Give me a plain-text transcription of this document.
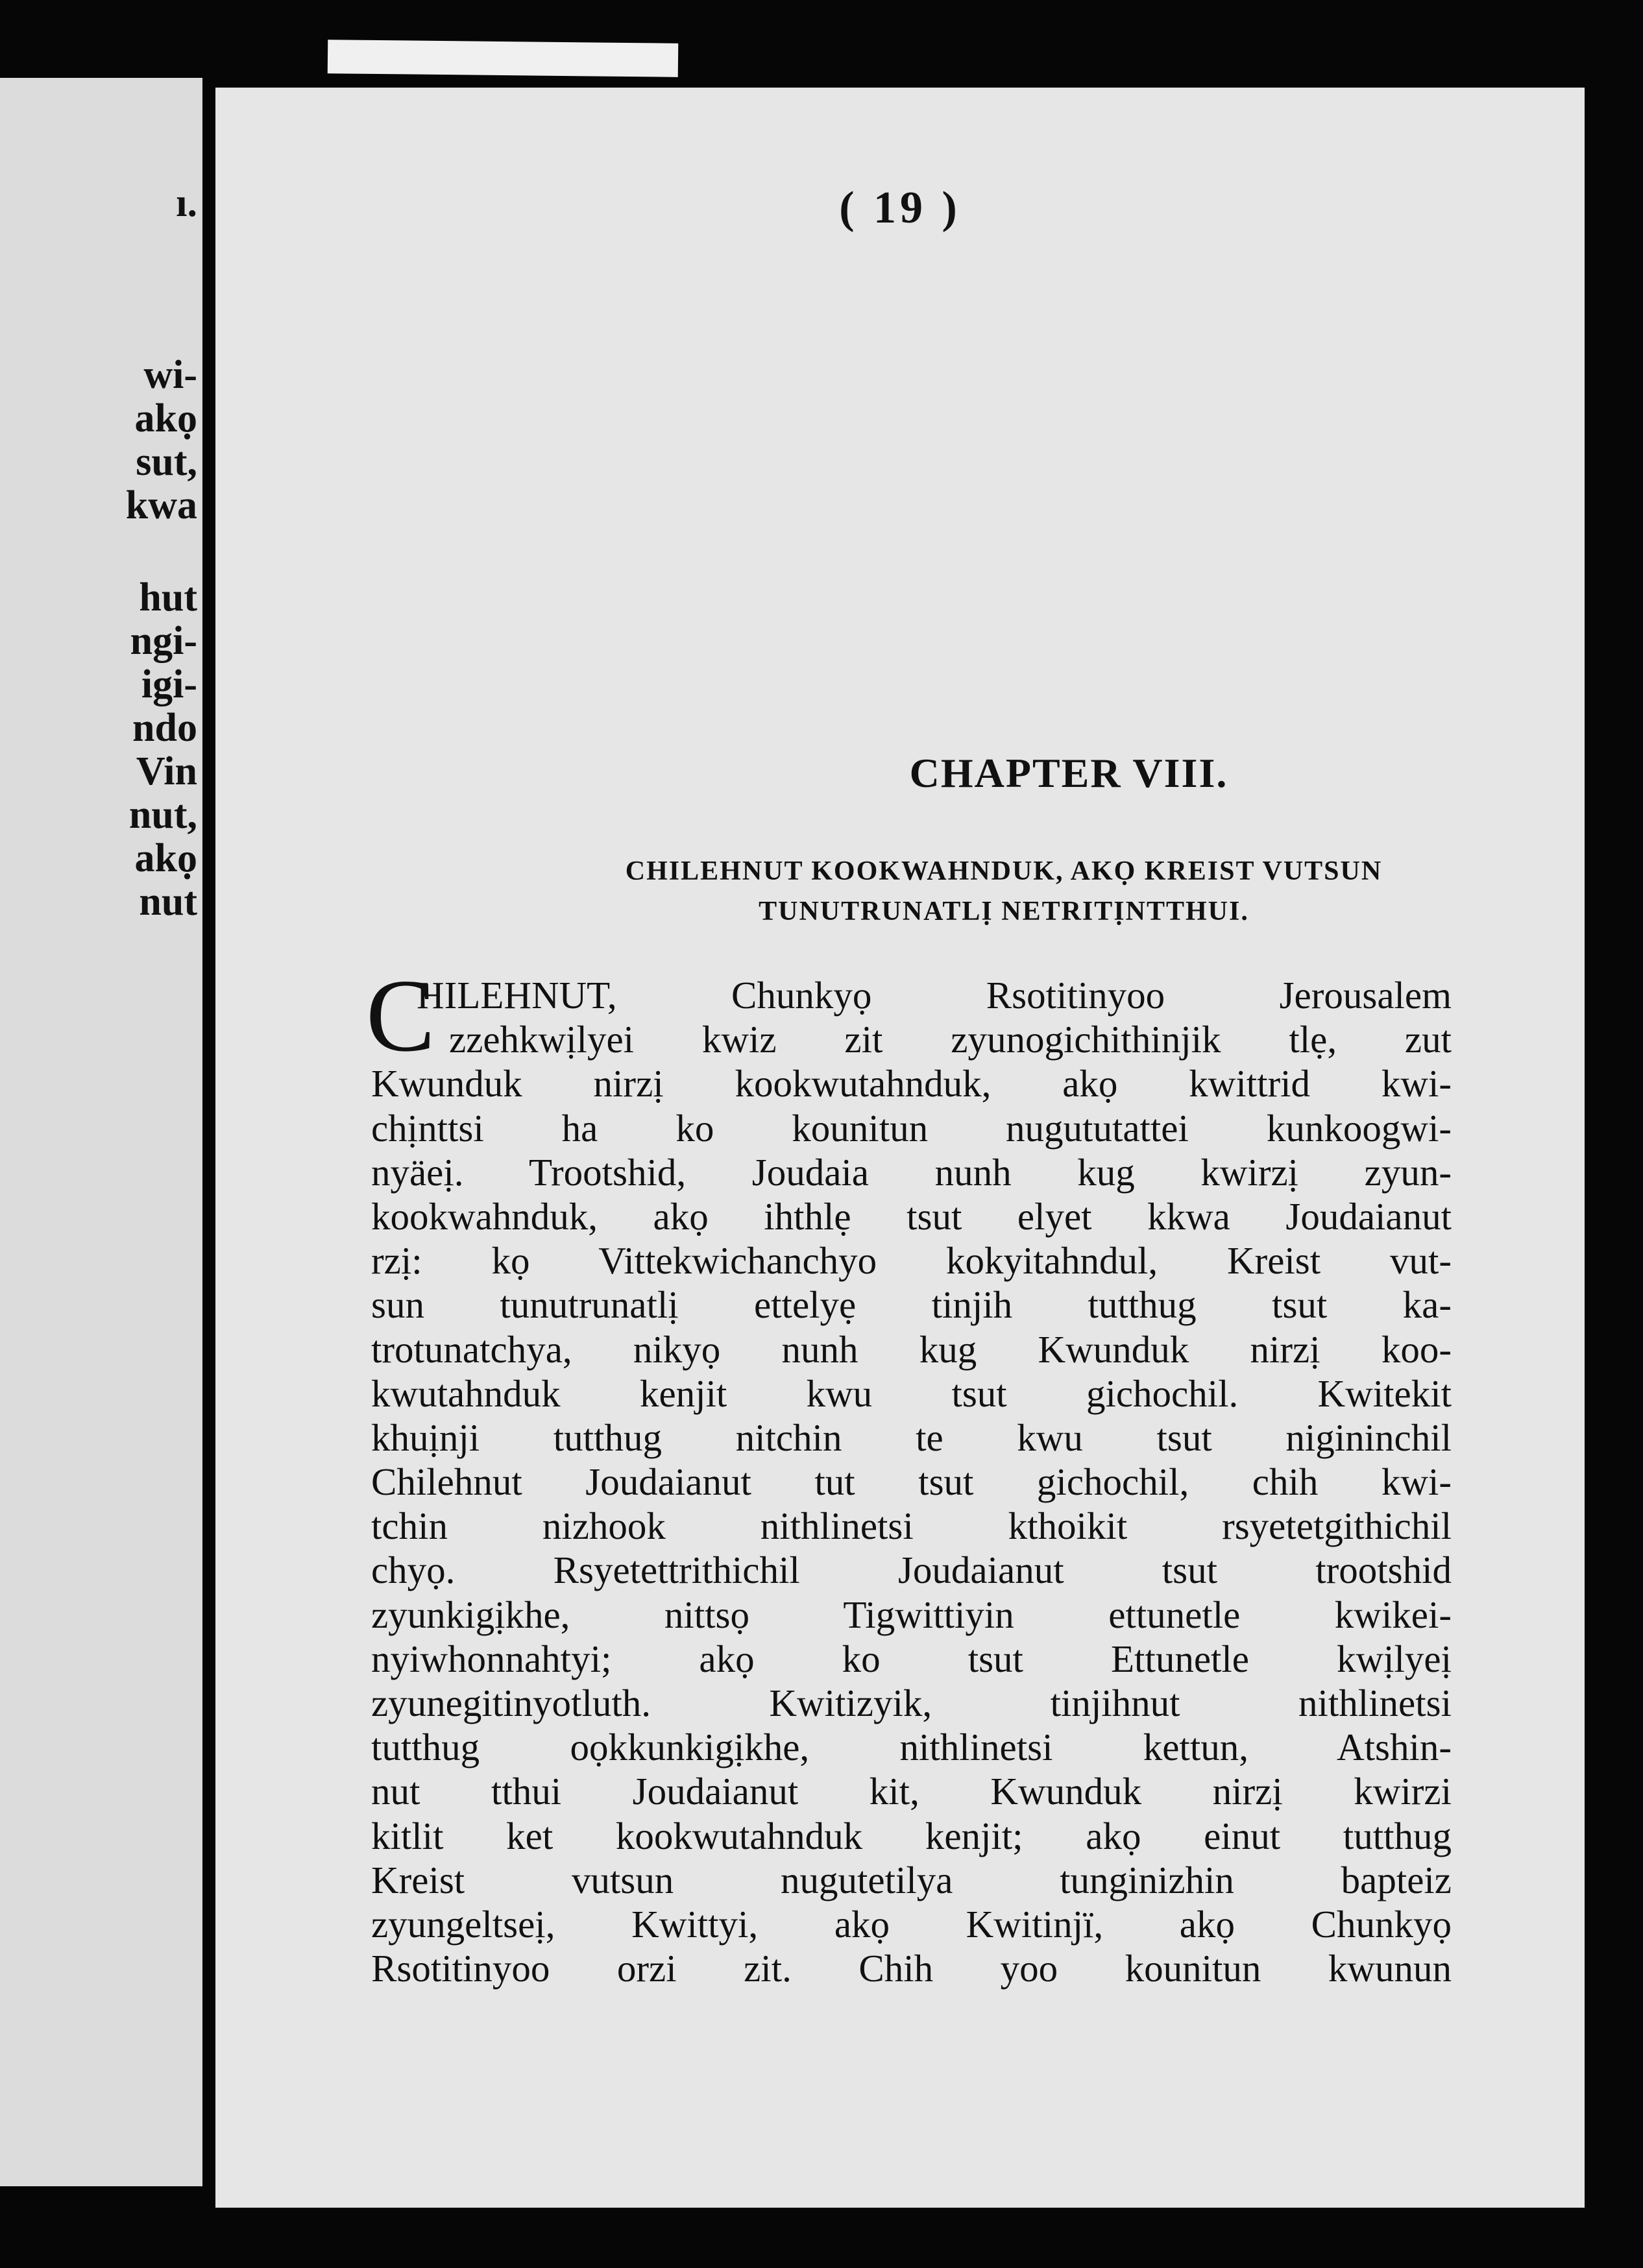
ı.
wi-
akọ
sut,
kwa
hut
ngi-
igi-
ndo
Vin
nut,
akọ
nut
( 19 )
CHAPTER VIII.
CHILEHNUT KOOKWAHNDUK, AKỌ KREIST VUTSUN
TUNUTRUNATLỊ NETRITỊNTTHUI.
C
HILEHNUT, Chunkyọ Rsotitinyoo Jerousalem
zzehkwịlyei kwiz zit zyunogichithinjik tlẹ, zut
Kwunduk nirzị kookwutahnduk, akọ kwittrid kwi-
chịnttsi ha ko kounitun nugututattei kunkoogwi-
nyäeị. Trootshid, Joudaia nunh kug kwirzị zyun-
kookwahnduk, akọ ihthlẹ tsut elyet kkwa Joudaianut
rzị: kọ Vittekwichanchyo kokyitahndul, Kreist vut-
sun tunutrunatlị ettelyẹ tinjih tutthug tsut ka-
trotunatchya, nikyọ nunh kug Kwunduk nirzị koo-
kwutahnduk kenjit kwu tsut gichochil. Kwitekit
khuịnji tutthug nitchin te kwu tsut nigininchil
Chilehnut Joudaianut tut tsut gichochil, chih kwi-
tchin nizhook nithlinetsi kthoikit rsyetetgithichil
chyọ. Rsyetettrithichil Joudaianut tsut trootshid
zyunkigịkhe, nittsọ Tigwittiyin ettunetle kwikei-
nyiwhonnahtyi; akọ ko tsut Ettunetle kwịlyeị
zyunegitinyotluth. Kwitizyik, tinjihnut nithlinetsi
tutthug oọkkunkigịkhe, nithlinetsi kettun, Atshin-
nut tthui Joudaianut kit, Kwunduk nirzị kwirzi
kitlit ket kookwutahnduk kenjit; akọ einut tutthug
Kreist vutsun nugutetilya tunginizhin bapteiz
zyungeltseị, Kwittyi, akọ Kwitinjï, akọ Chunkyọ
Rsotitinyoo orzi zit. Chih yoo kounitun kwunun
